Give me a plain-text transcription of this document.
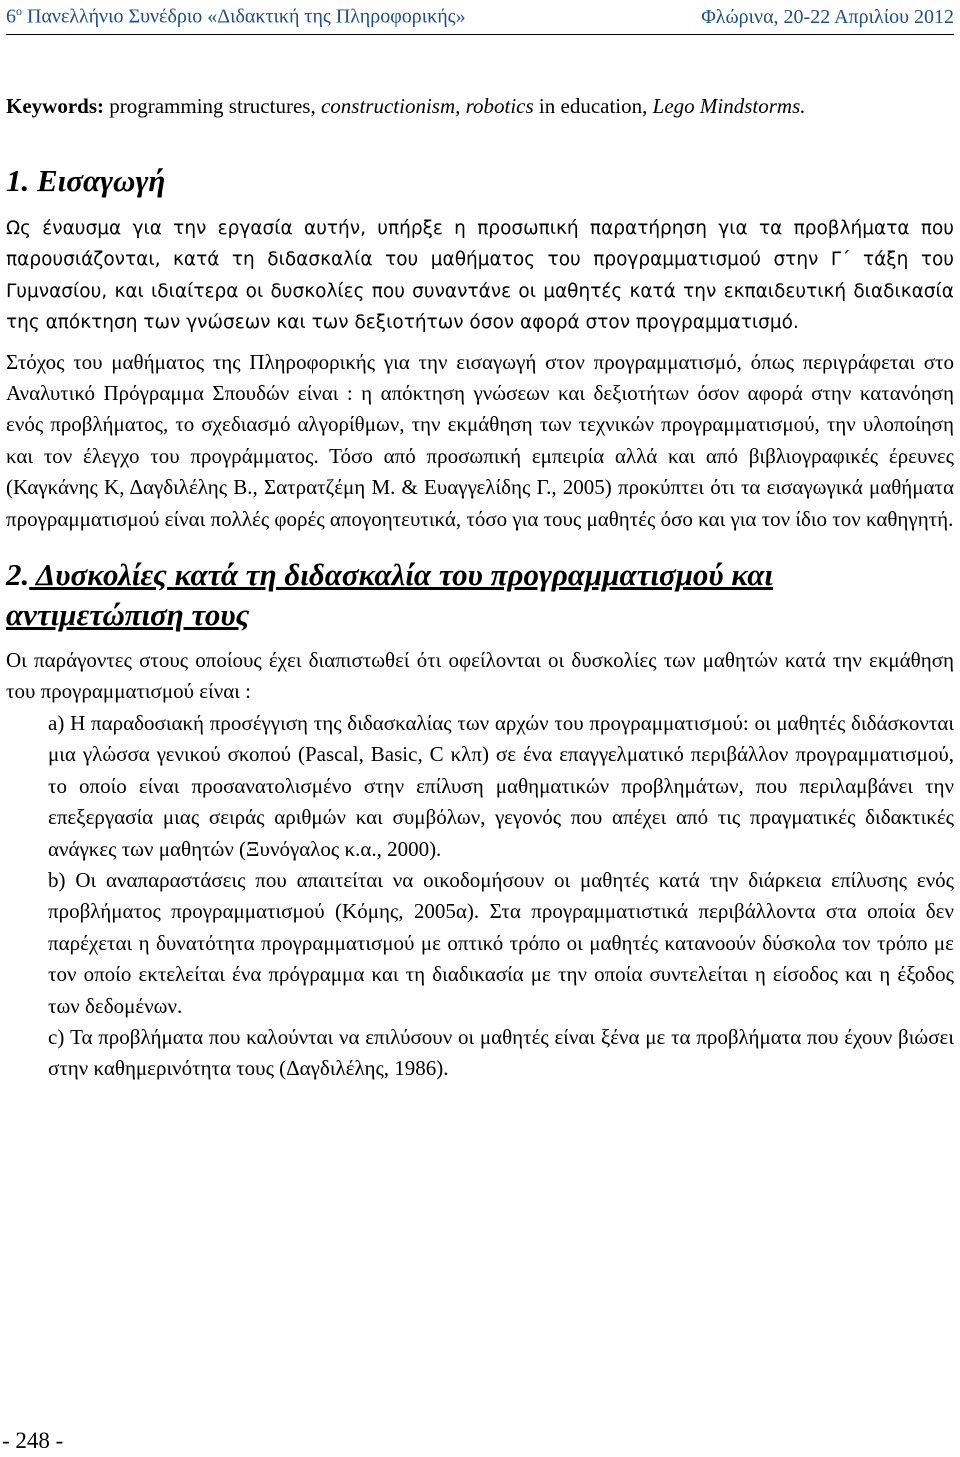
$6^o$ Πανελλήνιο Συνέδριο «Διδακτική της Πληροφορικής»	Φλώρινα, 20-22 Απριλίου 2012
Keywords: programming structures, constructionism, robotics in education, Lego Mindstorms.
1. Εισαγωγή

Ως έναυσμα για την εργασία αυτήν, υπήρξε η προσωπική παρατήρηση για τα προβλήματα που παρουσιάζονται, κατά τη διδασκαλία του μαθήματος του προγραμματισμού στην Γ΄ τάξη του Γυμνασίου, και ιδιαίτερα οι δυσκολίες που συναντάνε οι μαθητές κατά την εκπαιδευτική διαδικασία της απόκτηση των γνώσεων και των δεξιοτήτων όσον αφορά στον προγραμματισμό.

Στόχος του μαθήματος της Πληροφορικής για την εισαγωγή στον προγραμματισμό, όπως περιγράφεται στο Αναλυτικό Πρόγραμμα Σπουδών είναι : η απόκτηση γνώσεων και δεξιοτήτων όσον αφορά στην κατανόηση ενός προβλήματος, το σχεδιασμό αλγορίθμων, την εκμάθηση των τεχνικών προγραμματισμού, την υλοποίηση και τον έλεγχο του προγράμματος. Τόσο από προσωπική εμπειρία αλλά και από βιβλιογραφικές έρευνες (Καγκάνης Κ, Δαγδιλέλης Β., Σατρατζέμη Μ. & Ευαγγελίδης Γ., 2005) προκύπτει ότι τα εισαγωγικά μαθήματα προγραμματισμού είναι πολλές φορές απογοητευτικά, τόσο για τους μαθητές όσο και για τον ίδιο τον καθηγητή.

2. Δυσκολίες κατά τη διδασκαλία του προγραμματισμού και αντιμετώπιση τους

Οι παράγοντες στους οποίους έχει διαπιστωθεί ότι οφείλονται οι δυσκολίες των μαθητών κατά την εκμάθηση του προγραμματισμού είναι :

a) Η παραδοσιακή προσέγγιση της διδασκαλίας των αρχών του προγραμματισμού: οι μαθητές διδάσκονται μια γλώσσα γενικού σκοπού (Pascal, Basic, C κλπ) σε ένα επαγγελματικό περιβάλλον προγραμματισμού, το οποίο είναι προσανατολισμένο στην επίλυση μαθηματικών προβλημάτων, που περιλαμβάνει την επεξεργασία μιας σειράς αριθμών και συμβόλων, γεγονός που απέχει από τις πραγματικές διδακτικές ανάγκες των μαθητών (Ξυνόγαλος κ.α., 2000).

b) Οι αναπαραστάσεις που απαιτείται να οικοδομήσουν οι μαθητές κατά την διάρκεια επίλυσης ενός προβλήματος προγραμματισμού (Κόμης, 2005α). Στα προγραμματιστικά περιβάλλοντα στα οποία δεν παρέχεται η δυνατότητα προγραμματισμού με οπτικό τρόπο οι μαθητές κατανοούν δύσκολα τον τρόπο με τον οποίο εκτελείται ένα πρόγραμμα και τη διαδικασία με την οποία συντελείται η είσοδος και η έξοδος των δεδομένων.

c) Τα προβλήματα που καλούνται να επιλύσουν οι μαθητές είναι ξένα με τα προβλήματα που έχουν βιώσει στην καθημερινότητα τους (Δαγδιλέλης, 1986).

- 248 -
